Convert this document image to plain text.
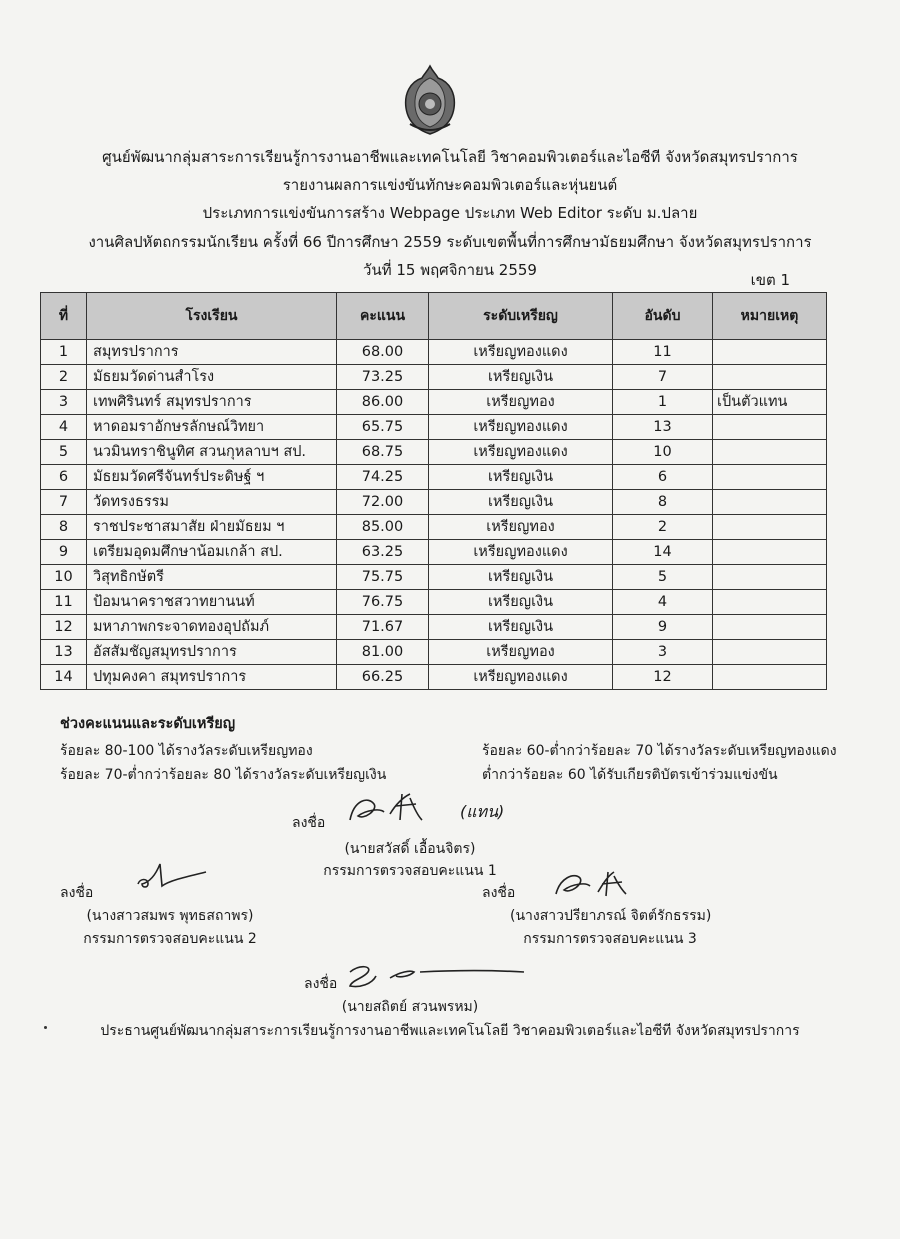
ศูนย์พัฒนากลุ่มสาระการเรียนรู้การงานอาชีพและเทคโนโลยี วิชาคอมพิวเตอร์และไอซีที จังหวัดสมุทรปราการ
รายงานผลการแข่งขันทักษะคอมพิวเตอร์และหุ่นยนต์
ประเภทการแข่งขันการสร้าง Webpage ประเภท Web Editor ระดับ ม.ปลาย
งานศิลปหัตถกรรมนักเรียน ครั้งที่ 66 ปีการศึกษา 2559 ระดับเขตพื้นที่การศึกษามัธยมศึกษา จังหวัดสมุทรปราการ
วันที่ 15 พฤศจิกายน 2559
เขต 1
ที่	โรงเรียน	คะแนน	ระดับเหรียญ	อันดับ	หมายเหตุ
1	สมุทรปราการ	68.00	เหรียญทองแดง	11	
2	มัธยมวัดด่านสำโรง	73.25	เหรียญเงิน	7	
3	เทพศิรินทร์ สมุทรปราการ	86.00	เหรียญทอง	1	เป็นตัวแทน
4	หาดอมราอักษรลักษณ์วิทยา	65.75	เหรียญทองแดง	13	
5	นวมินทราชินูทิศ สวนกุหลาบฯ สป.	68.75	เหรียญทองแดง	10	
6	มัธยมวัดศรีจันทร์ประดิษฐ์ ฯ	74.25	เหรียญเงิน	6	
7	วัดทรงธรรม	72.00	เหรียญเงิน	8	
8	ราชประชาสมาสัย ฝ่ายมัธยม ฯ	85.00	เหรียญทอง	2	
9	เตรียมอุดมศึกษาน้อมเกล้า สป.	63.25	เหรียญทองแดง	14	
10	วิสุทธิกษัตรี	75.75	เหรียญเงิน	5	
11	ป้อมนาคราชสวาทยานนท์	76.75	เหรียญเงิน	4	
12	มหาภาพกระจาดทองอุปถัมภ์	71.67	เหรียญเงิน	9	
13	อัสสัมชัญสมุทรปราการ	81.00	เหรียญทอง	3	
14	ปทุมคงคา สมุทรปราการ	66.25	เหรียญทองแดง	12	
ช่วงคะแนนและระดับเหรียญ
ร้อยละ 80-100 ได้รางวัลระดับเหรียญทอง
ร้อยละ 70-ต่ำกว่าร้อยละ 80 ได้รางวัลระดับเหรียญเงิน
ร้อยละ 60-ต่ำกว่าร้อยละ 70 ได้รางวัลระดับเหรียญทองแดง
ต่ำกว่าร้อยละ 60 ได้รับเกียรติบัตรเข้าร่วมแข่งขัน
ลงชื่อ
(แทน)
(นายสวัสดิ์ เอื้อนจิตร)
กรรมการตรวจสอบคะแนน 1
ลงชื่อ
(นางสาวสมพร พุทธสถาพร)
กรรมการตรวจสอบคะแนน 2
ลงชื่อ
(นางสาวปรียาภรณ์ จิตต์รักธรรม)
กรรมการตรวจสอบคะแนน 3
ลงชื่อ
(นายสถิตย์ สวนพรหม)
ประธานศูนย์พัฒนากลุ่มสาระการเรียนรู้การงานอาชีพและเทคโนโลยี วิชาคอมพิวเตอร์และไอซีที จังหวัดสมุทรปราการ
